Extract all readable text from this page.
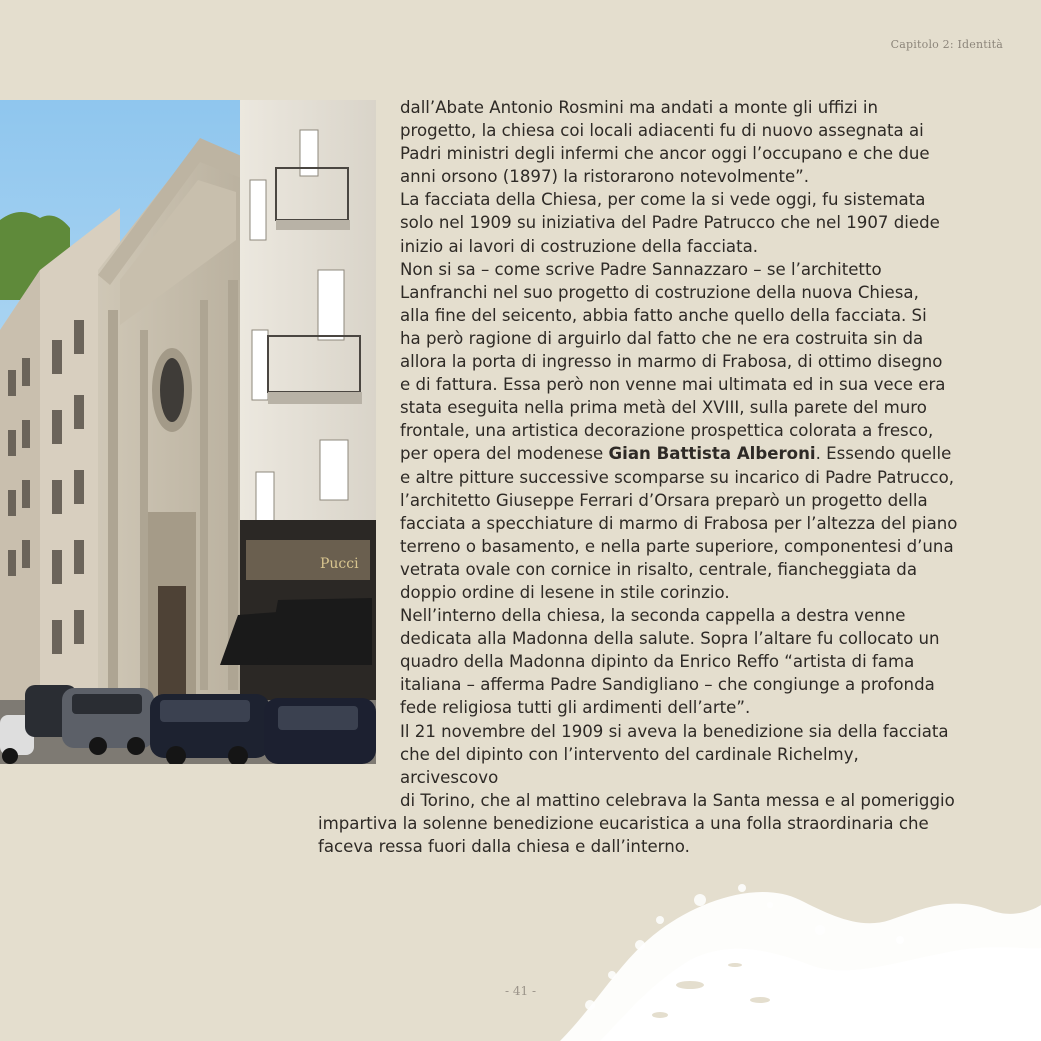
Capitolo 2: Identità
Pucci

dall’Abate Antonio Rosmini ma andati a monte gli uffizi in

progetto, la chiesa coi locali adiacenti fu di nuovo assegnata ai

Padri ministri degli infermi che ancor oggi l’occupano e che due

anni orsono (1897) la ristorarono notevolmente”.

La facciata della Chiesa, per come la si vede oggi, fu sistemata

solo nel 1909 su iniziativa del Padre Patrucco che nel 1907 diede

inizio ai lavori di costruzione della facciata.

Non si sa – come scrive Padre Sannazzaro – se l’architetto

Lanfranchi nel suo progetto di costruzione della nuova Chiesa,

alla fine del seicento, abbia fatto anche quello della facciata. Si

ha però ragione di arguirlo dal fatto che ne era costruita sin da

allora la porta di ingresso in marmo di Frabosa, di ottimo disegno

e di fattura. Essa però non venne mai ultimata ed in sua vece era

stata eseguita nella prima metà del XVIII, sulla parete del muro

frontale, una artistica decorazione prospettica colorata a fresco,

per opera del modenese Gian Battista Alberoni. Essendo quelle

e altre pitture successive scomparse su incarico di Padre Patrucco,

l’architetto Giuseppe Ferrari d’Orsara preparò un progetto della

facciata a specchiature di marmo di Frabosa per l’altezza del piano

terreno o basamento, e nella parte superiore, componentesi d’una

vetrata ovale con cornice in risalto, centrale, fiancheggiata da

doppio ordine di lesene in stile corinzio.

Nell’interno della chiesa, la seconda cappella a destra venne

dedicata alla Madonna della salute. Sopra l’altare fu collocato un

quadro della Madonna dipinto da Enrico Reffo “artista di fama

italiana – afferma Padre Sandigliano – che congiunge a profonda

fede religiosa tutti gli ardimenti dell’arte”.

Il 21 novembre del 1909 si aveva la benedizione sia della facciata

che del dipinto con l’intervento del cardinale Richelmy, arcivescovo

di Torino, che al mattino celebrava la Santa messa e al pomeriggio

impartiva la solenne benedizione eucaristica a una folla straordinaria che

faceva ressa fuori dalla chiesa e dall’interno.

- 41 -
